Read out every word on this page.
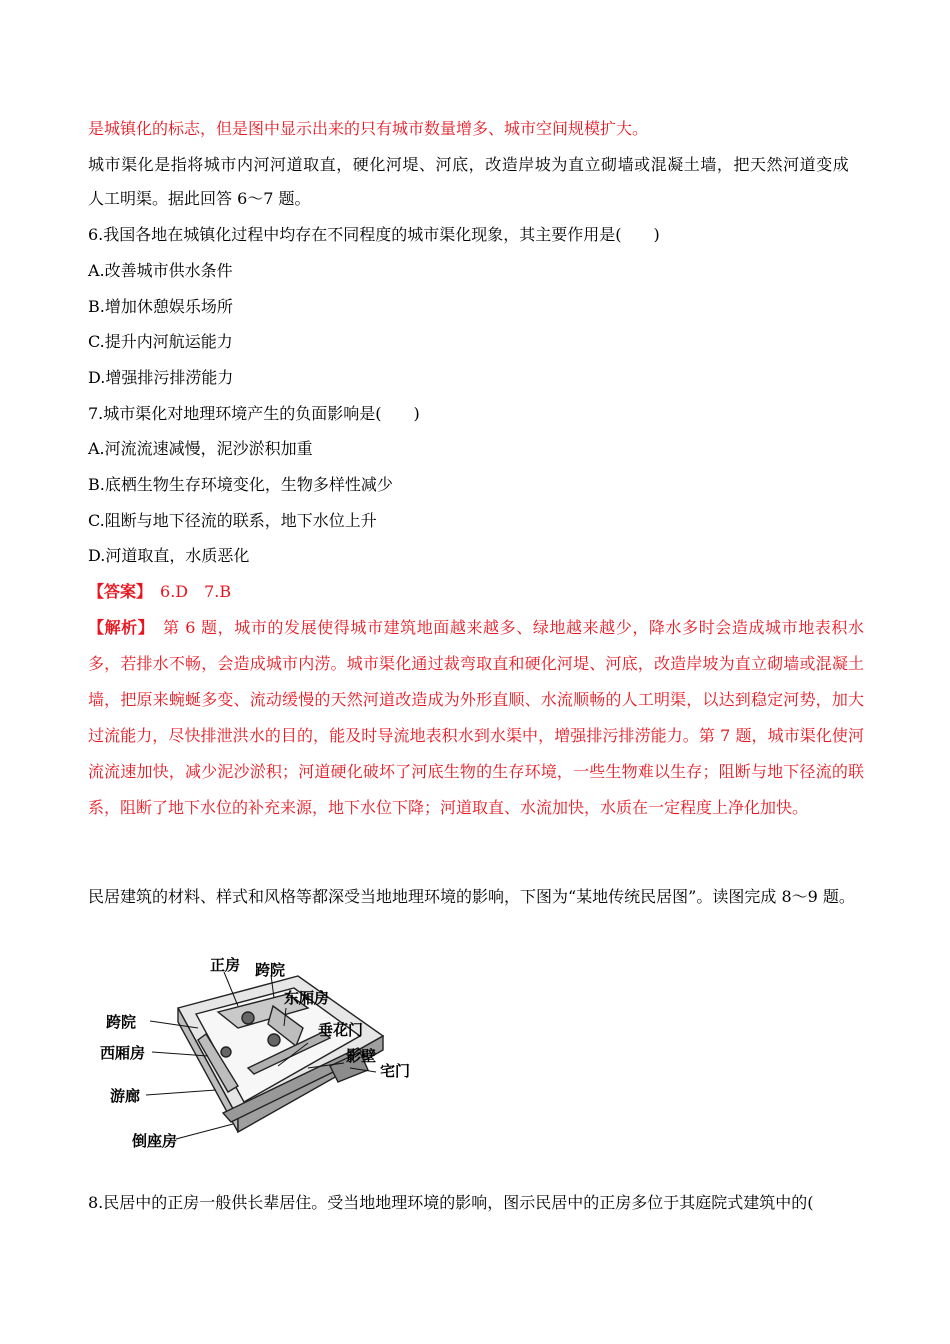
是城镇化的标志，但是图中显示出来的只有城市数量增多、城市空间规模扩大。
城市渠化是指将城市内河河道取直，硬化河堤、河底，改造岸坡为直立砌墙或混凝土墙，把天然河道变成
人工明渠。据此回答 6～7 题。
6.我国各地在城镇化过程中均存在不同程度的城市渠化现象，其主要作用是(　　)
A.改善城市供水条件
B.增加休憩娱乐场所
C.提升内河航运能力
D.增强排污排涝能力
7.城市渠化对地理环境产生的负面影响是(　　)
A.河流流速减慢，泥沙淤积加重
B.底栖生物生存环境变化，生物多样性减少
C.阻断与地下径流的联系，地下水位上升
D.河道取直，水质恶化
【答案】　6.D　7.B
【解析】　第 6 题，城市的发展使得城市建筑地面越来越多、绿地越来越少，降水多时会造成城市地表积水多，若排水不畅，会造成城市内涝。城市渠化通过裁弯取直和硬化河堤、河底，改造岸坡为直立砌墙或混凝土墙，把原来蜿蜒多变、流动缓慢的天然河道改造成为外形直顺、水流顺畅的人工明渠，以达到稳定河势，加大过流能力，尽快排泄洪水的目的，能及时导流地表积水到水渠中，增强排污排涝能力。第 7 题，城市渠化使河流流速加快，减少泥沙淤积；河道硬化破坏了河底生物的生存环境，一些生物难以生存；阻断与地下径流的联系，阻断了地下水位的补充来源，地下水位下降；河道取直、水流加快，水质在一定程度上净化加快。
民居建筑的材料、样式和风格等都深受当地地理环境的影响，下图为“某地传统民居图”。读图完成 8～9 题。
正房 跨院
东厢房
垂花门
跨院
影壁
西厢房
宅门
游廊
倒座房
8.民居中的正房一般供长辈居住。受当地地理环境的影响，图示民居中的正房多位于其庭院式建筑中的(
